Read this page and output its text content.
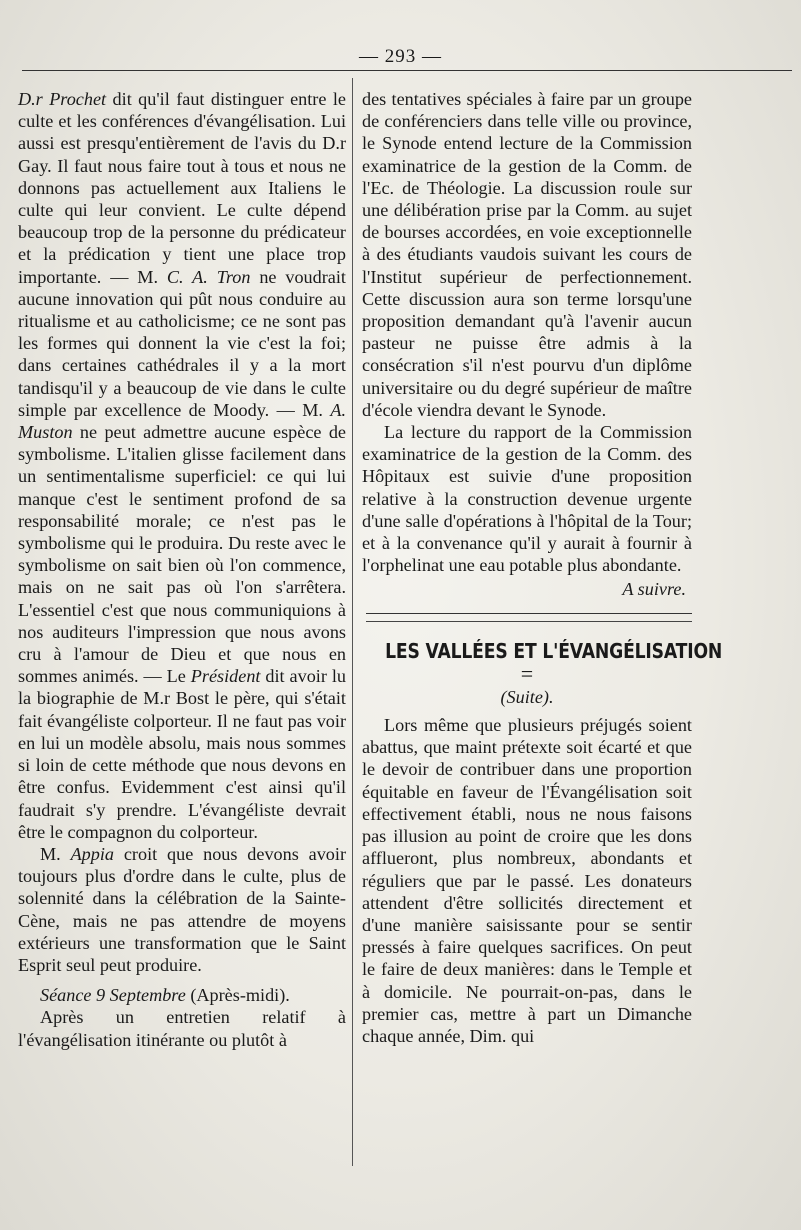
— 293 —

D.r Prochet dit qu'il faut distinguer entre le culte et les conférences d'évangélisation. Lui aussi est presqu'entièrement de l'avis du D.r Gay. Il faut nous faire tout à tous et nous ne donnons pas actuellement aux Italiens le culte qui leur convient. Le culte dépend beaucoup trop de la personne du prédicateur et la prédication y tient une place trop importante. — M. C. A. Tron ne voudrait aucune innovation qui pût nous conduire au ritualisme et au catholicisme; ce ne sont pas les formes qui donnent la vie c'est la foi; dans certaines cathédrales il y a la mort tandisqu'il y a beaucoup de vie dans le culte simple par excellence de Moody. — M. A. Muston ne peut admettre aucune espèce de symbolisme. L'italien glisse facilement dans un sentimentalisme superficiel: ce qui lui manque c'est le sentiment profond de sa responsabilité morale; ce n'est pas le symbolisme qui le produira. Du reste avec le symbolisme on sait bien où l'on commence, mais on ne sait pas où l'on s'arrêtera. L'essentiel c'est que nous communiquions à nos auditeurs l'impression que nous avons cru à l'amour de Dieu et que nous en sommes animés. — Le Président dit avoir lu la biographie de M.r Bost le père, qui s'était fait évangéliste colporteur. Il ne faut pas voir en lui un modèle absolu, mais nous sommes si loin de cette méthode que nous devons en être confus. Evidemment c'est ainsi qu'il faudrait s'y prendre. L'évangéliste devrait être le compagnon du colporteur.

M. Appia croit que nous devons avoir toujours plus d'ordre dans le culte, plus de solennité dans la célébration de la Sainte-Cène, mais ne pas attendre de moyens extérieurs une transformation que le Saint Esprit seul peut produire.

Séance 9 Septembre (Après-midi).

Après un entretien relatif à l'évangélisation itinérante ou plutôt à

des tentatives spéciales à faire par un groupe de conférenciers dans telle ville ou province, le Synode entend lecture de la Commission examinatrice de la gestion de la Comm. de l'Ec. de Théologie. La discussion roule sur une délibération prise par la Comm. au sujet de bourses accordées, en voie exceptionnelle à des étudiants vaudois suivant les cours de l'Institut supérieur de perfectionnement. Cette discussion aura son terme lorsqu'une proposition demandant qu'à l'avenir aucun pasteur ne puisse être admis à la consécration s'il n'est pourvu d'un diplôme universitaire ou du degré supérieur de maître d'école viendra devant le Synode.

La lecture du rapport de la Commission examinatrice de la gestion de la Comm. des Hôpitaux est suivie d'une proposition relative à la construction devenue urgente d'une salle d'opérations à l'hôpital de la Tour; et à la convenance qu'il y aurait à fournir à l'orphelinat une eau potable plus abondante.

A suivre.

LES VALLÉES ET L'ÉVANGÉLISATION

=

(Suite).

Lors même que plusieurs préjugés soient abattus, que maint prétexte soit écarté et que le devoir de contribuer dans une proportion équitable en faveur de l'Évangélisation soit effectivement établi, nous ne nous faisons pas illusion au point de croire que les dons afflueront, plus nombreux, abondants et réguliers que par le passé. Les donateurs attendent d'être sollicités directement et d'une manière saisissante pour se sentir pressés à faire quelques sacrifices. On peut le faire de deux manières: dans le Temple et à domicile. Ne pourrait-on-pas, dans le premier cas, mettre à part un Dimanche chaque année, Dim. qui
